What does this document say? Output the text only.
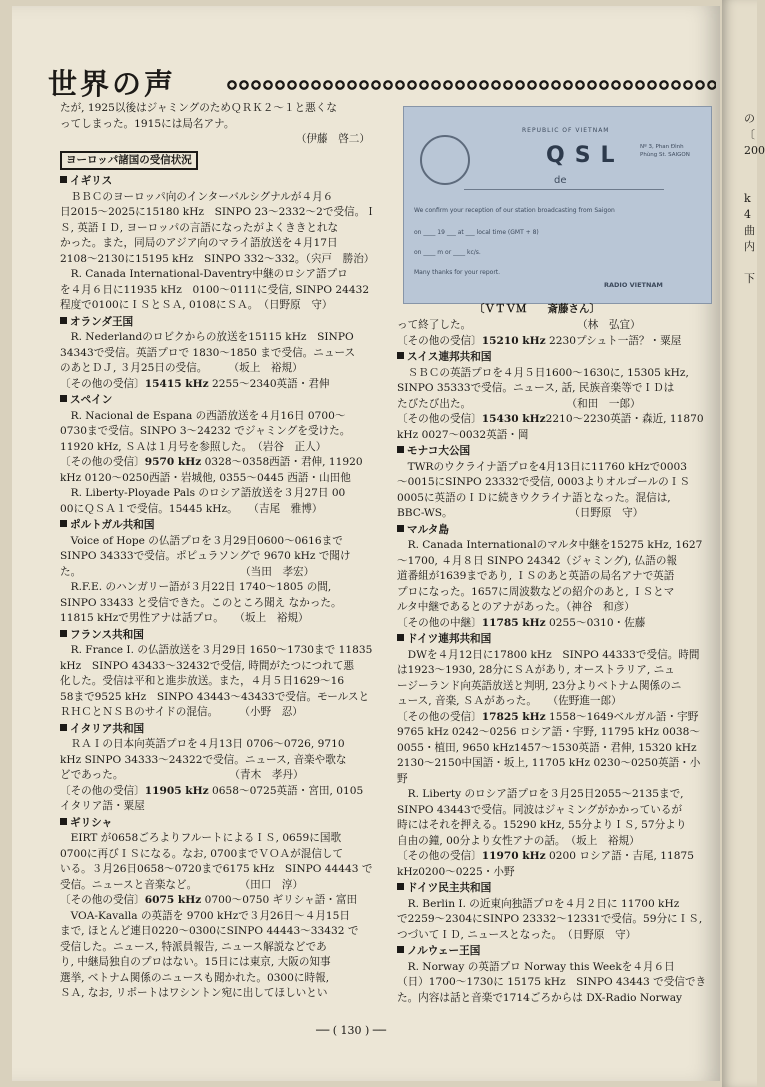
の
〔
200
k
4
曲
内
下
世界の声
たが, 1925以後はジャミングのためＱＲＫ２～１と悪くな
ってしまった。1915には局名アナ。
（伊藤　啓二）
ヨーロッパ諸国の受信状況
イギリス
　ＢＢＣのヨーロッパ向のインターバルシグナルが４月６
日2015～2025に15180 kHz　SINPO 23～2332～2で受信。Ｉ
Ｓ, 英語ＩＤ, ヨーロッパの言語になったがよくききとれな
かった。また，同局のアジア向のマライ語放送を４月17日
2108～2130に15195 kHz　SINPO 332～332。（宍戸　勝治）
　R. Canada International-Daventry中継のロシア語プロ
を４月６日に11935 kHz　0100～0111に受信, SINPO 24432
程度で0100にＩＳとＳＡ, 0108にＳＡ。　（日野原　守）
オランダ王国
　R. Nederlandのロビクからの放送を15115 kHz　SINPO
34343で受信。英語プロで 1830～1850 まで受信。ニュース
のあとＤＪ, ３月25日の受信。　　　（坂上　裕規）
〔その他の受信〕15415 kHz 2255～2340英語・君伸
スペイン
　R. Nacional de Espana の西語放送を４月16日 0700～
0730まで受信。SINPO 3～24232 でジャミングを受けた。
11920 kHz, ＳＡは１月号を参照した。　（岩谷　正人）
〔その他の受信〕9570 kHz 0328～0358西語・君伸, 11920
kHz 0120～0250西語・岩城他, 0355～0445 西語・山田他
　R. Liberty-Ployade Pals のロシア語放送を３月27日 00
00にＱＳＡ１で受信。15445 kHz。　　（吉尾　雅博）
ポルトガル共和国
　Voice of Hope の仏語プロを３月29日0600～0616まで
SINPO 34333で受信。ポピュラソングで 9670 kHz で聞け
た。　　　　　　　　　　　　　　　　（当田　孝宏）
　R.F.E. のハンガリー語が３月22日 1740～1805 の間,
SINPO 33433 と受信できた。このところ聞え なかった。
11815 kHzで男性アナは話プロ。　　（坂上　裕規）
フランス共和国
　R. France I. の仏語放送を３月29日 1650～1730まで 11835
kHz　SINPO 43433～32432で受信, 時間がたつにつれて悪
化した。受信は平和と進歩放送。また，４月５日1629～16
58まで9525 kHz　SINPO 43443～43433で受信。モールスと
ＲＨＣとＮＳＢのサイドの混信。　　　（小野　忍）
イタリア共和国
　ＲＡＩの日本向英語プロを４月13日 0706～0726, 9710
kHz SINPO 34333～24322で受信。ニュース, 音楽や歌な
どであった。　　　　　　　　　　　（青木　孝丹）
〔その他の受信〕11905 kHz 0658～0725英語・宮田, 0105
イタリア語・粟屋
ギリシャ
　EIRT が0658ごろよりフルートによるＩＳ, 0659に国歌
0700に再びＩＳになる。なお, 0700までＶＯＡが混信して
いる。３月26日0658～0720まで6175 kHz　SINPO 44443 で
受信。ニュースと音楽など。　　　　　（田口　淳）
〔その他の受信〕6075 kHz 0700～0750 ギリシャ語・富田
　VOA-Kavalla の英語を 9700 kHzで３月26日～４月15日
まで, ほとんど連日0220～0300にSINPO 44443～33432 で
受信した。ニュース, 特派員報告, ニュース解説などであ
り, 中継局独自のプロはない。15日には東京, 大阪の知事
選挙, ベトナム関係のニュースも聞かれた。0300に時報,
ＳＡ, なお, リポートはワシントン宛に出してほしいとい
REPUBLIC OF VIETNAM
QSL	Nº 3, Phan Đình Phùng St. SAIGON
de
We confirm your reception of our station broadcasting from Saigon
on ____ 19 ___ at ___ local time (GMT + 8)
on ____ m or ____ kc/s.
Many thanks for your report.
RADIO VIETNAM
〔ＶＴＶＭ　　斎藤さん〕
って終了した。　　　　　　　　　　　（林　弘宜）
〔その他の受信〕15210 kHz 2230プシュト一語？・粟屋
スイス連邦共和国
　ＳＢＣの英語プロを４月５日1600～1630に, 15305 kHz,
SINPO 35333で受信。ニュース, 話, 民族音楽等でＩＤは
たびたび出た。　　　　　　　　　　（和田　一郎）
〔その他の受信〕15430 kHz2210～2230英語・森近, 11870
kHz 0027～0032英語・岡
モナコ大公国
　TWRのウクライナ語プロを4月13日に11760 kHzで0003
～0015にSINPO 23332で受信, 0003よりオルゴールのＩＳ
0005に英語のＩＤに続きウクライナ語となった。混信は,
BBC-WS。　　　　　　　　　　　　（日野原　守）
マルタ島
　R. Canada Internationalのマルタ中継を15275 kHz, 1627
～1700, ４月８日 SINPO 24342（ジャミング), 仏語の報
道番組が1639まであり, ＩＳのあと英語の局名アナで英語
プロになった。1657に周波数などの紹介のあと, ＩＳとマ
ルタ中継であるとのアナがあった。（神谷　和彦）
〔その他の中継〕11785 kHz 0255～0310・佐藤
ドイツ連邦共和国
　DWを４月12日に17800 kHz　SINPO 44333で受信。時間
は1923～1930, 28分にＳＡがあり, オーストラリア, ニュ
ージーランド向英語放送と判明, 23分よりベトナム関係のニ
ュース, 音楽, ＳＡがあった。　　（佐野進一郎）
〔その他の受信〕17825 kHz 1558～1649ベルガル語・宇野
9765 kHz 0242～0256 ロシア語・宇野, 11795 kHz 0038～
0055・植田, 9650 kHz1457～1530英語・君伸, 15320 kHz
2130～2150中国語・坂上, 11705 kHz 0230～0250英語・小
野
　R. Liberty のロシア語プロを３月25日2055～2135まで,
SINPO 43443で受信。同波はジャミングがかかっているが
時にはそれを押える。15290 kHz, 55分よりＩＳ, 57分より
自由の鐘, 00分より女性アナの話。　（坂上　裕規）
〔その他の受信〕11970 kHz 0200 ロシア語・吉尾, 11875
kHz0200～0225・小野
ドイツ民主共和国
　R. Berlin I. の近東向独語プロを４月２日に 11700 kHz
で2259～2304にSINPO 23332～12331で受信。59分にＩＳ,
つづいてＩＤ, ニュースとなった。　（日野原　守）
ノルウェー王国
　R. Norway の英語プロ Norway this Weekを４月６日
（日）1700～1730に 15175 kHz　SINPO 43443 で受信でき
た。内容は話と音楽で1714ごろからは DX-Radio Norway
── ( 130 ) ──
